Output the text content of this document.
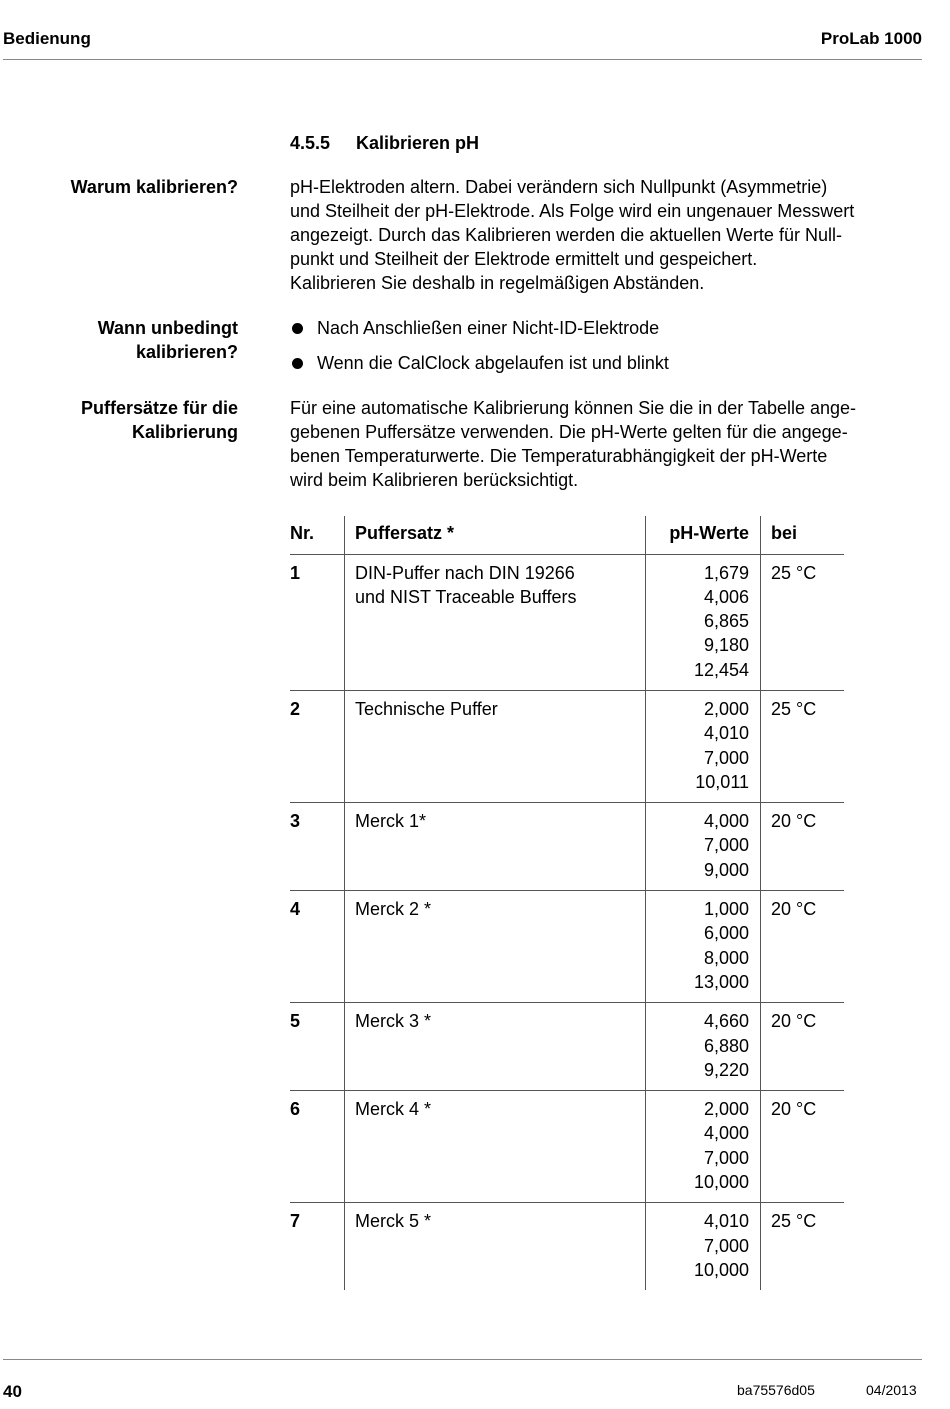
Bedienung	ProLab 1000
4.5.5 Kalibrieren pH
Warum kalibrieren?	pH-Elektroden altern. Dabei verändern sich Nullpunkt (Asymmetrie)
und Steilheit der pH-Elektrode. Als Folge wird ein ungenauer Messwert
angezeigt. Durch das Kalibrieren werden die aktuellen Werte für Null-
punkt und Steilheit der Elektrode ermittelt und gespeichert.
Kalibrieren Sie deshalb in regelmäßigen Abständen.
Wann unbedingt
kalibrieren?
Nach Anschließen einer Nicht-ID-Elektrode
Wenn die CalClock abgelaufen ist und blinkt
Puffersätze für die
Kalibrierung
Für eine automatische Kalibrierung können Sie die in der Tabelle ange-
gebenen Puffersätze verwenden. Die pH-Werte gelten für die angege-
benen Temperaturwerte. Die Temperaturabhängigkeit der pH-Werte
wird beim Kalibrieren berücksichtigt.
Nr.	Puffersatz *	pH-Werte	bei
1	DIN-Puffer nach DIN 19266
und NIST Traceable Buffers	1,679
4,006
6,865
9,180
12,454	25 °C
2	Technische Puffer	2,000
4,010
7,000
10,011	25 °C
3	Merck 1*	4,000
7,000
9,000	20 °C
4	Merck 2 *	1,000
6,000
8,000
13,000	20 °C
5	Merck 3 *	4,660
6,880
9,220	20 °C
6	Merck 4 *	2,000
4,000
7,000
10,000	20 °C
7	Merck 5 *	4,010
7,000
10,000	25 °C
40	ba75576d05	04/2013
